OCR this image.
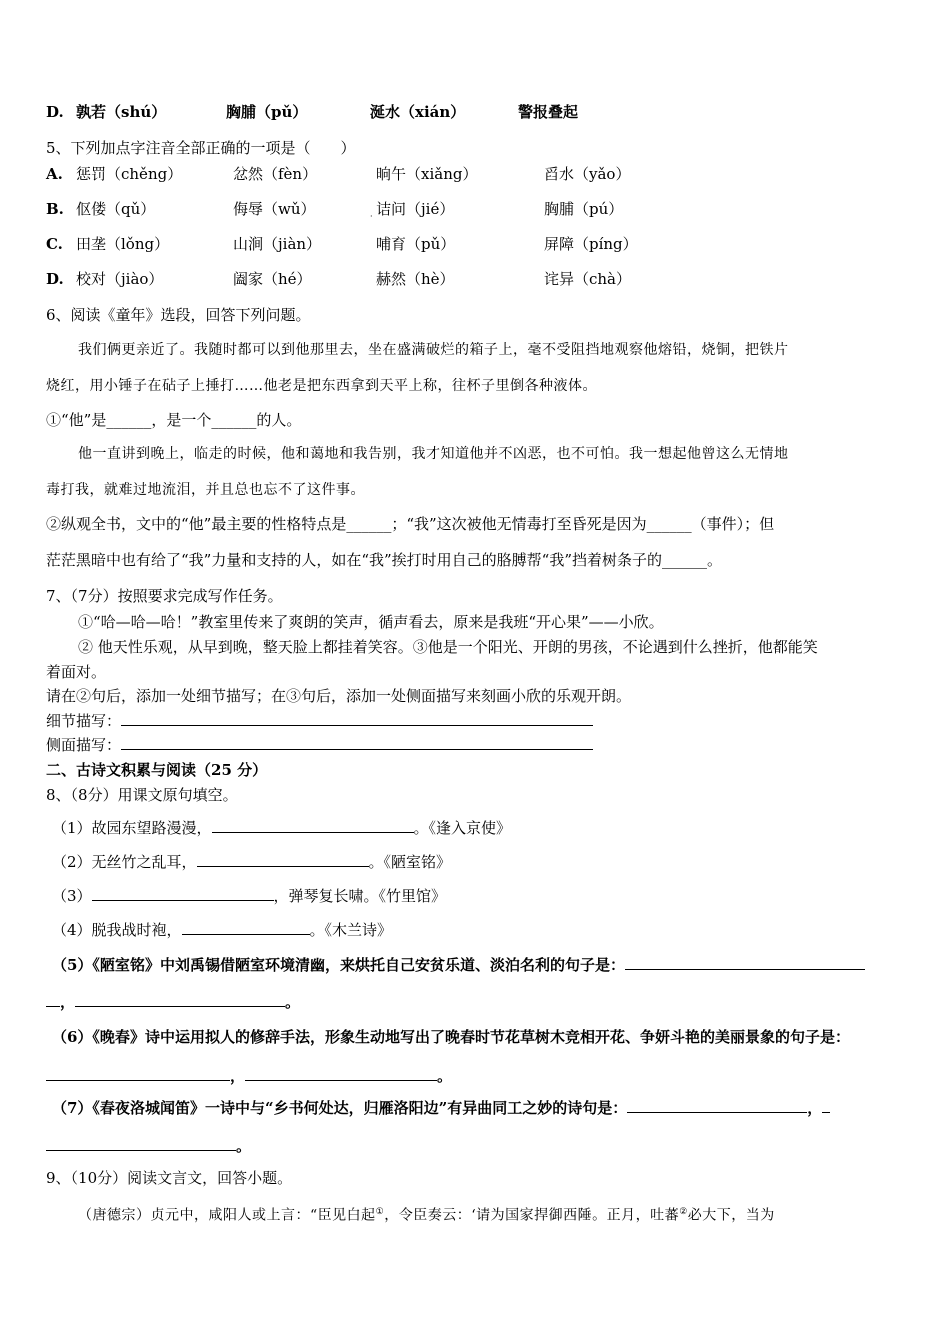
D. 孰若（shú）	胸脯（pǔ）	涎水（xián）	警报叠起
5、下列加点字注音全部正确的一项是（　　）
A. 惩罚（chěng）	忿然（fèn）	晌午（xiǎng）	舀水（yǎo）
B. 伛偻（qǔ）	侮辱（wǔ）	· 诘问（jié）	胸脯（pú）
C. 田垄（lǒng）	山涧（jiàn）	哺育（pǔ）	屏障（píng）
D. 校对（jiào）	阖家（hé）	赫然（hè）	诧异（chà）
6、阅读《童年》选段，回答下列问题。
我们俩更亲近了。我随时都可以到他那里去，坐在盛满破烂的箱子上，毫不受阻挡地观察他熔铅，烧铜，把铁片
烧红，用小锤子在砧子上捶打……他老是把东西拿到天平上称，往杯子里倒各种液体。
①“他”是______，是一个______的人。
他一直讲到晚上，临走的时候，他和蔼地和我告别，我才知道他并不凶恶，也不可怕。我一想起他曾这么无情地
毒打我，就难过地流泪，并且总也忘不了这件事。
②纵观全书，文中的“他”最主要的性格特点是______；“我”这次被他无情毒打至昏死是因为______（事件）；但
茫茫黑暗中也有给了“我”力量和支持的人，如在“我”挨打时用自己的胳膊帮“我”挡着树条子的______。
7、（7分）按照要求完成写作任务。
①“哈—哈—哈！”教室里传来了爽朗的笑声，循声看去，原来是我班“开心果”——小欣。
② 他天性乐观，从早到晚，整天脸上都挂着笑容。③他是一个阳光、开朗的男孩，不论遇到什么挫折，他都能笑
着面对。
请在②句后，添加一处细节描写；在③句后，添加一处侧面描写来刻画小欣的乐观开朗。
细节描写：
侧面描写：
二、古诗文积累与阅读（25 分）
8、（8分）用课文原句填空。
（1）故园东望路漫漫，	。《逢入京使》
（2）无丝竹之乱耳，	。《陋室铭》
（3）	，弹琴复长啸。《竹里馆》
（4）脱我战时袍，	。《木兰诗》
（5）《陋室铭》中刘禹锡借陋室环境清幽，来烘托自己安贫乐道、淡泊名利的句子是：
，	。
（6）《晚春》诗中运用拟人的修辞手法，形象生动地写出了晚春时节花草树木竞相开花、争妍斗艳的美丽景象的句子是：
，	。
（7）《春夜洛城闻笛》一诗中与“乡书何处达，归雁洛阳边”有异曲同工之妙的诗句是：	，
。
9、（10分）阅读文言文，回答小题。
（唐德宗）贞元中，咸阳人或上言：“臣见白起①，令臣奏云：‘请为国家捍御西陲。正月，吐蕃②必大下，当为
